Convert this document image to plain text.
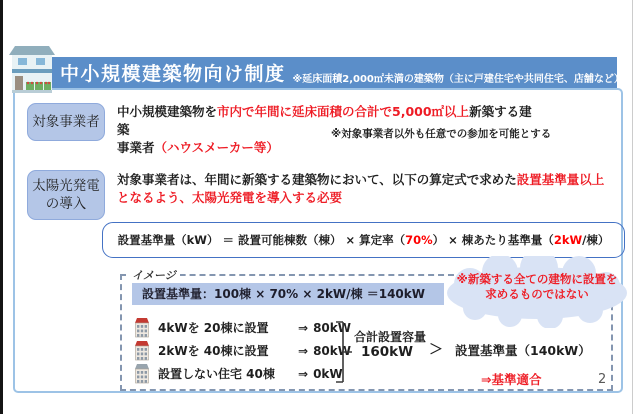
中小規模建築物向け制度 ※延床面積2,000㎡未満の建築物（主に戸建住宅や共同住宅、店舗など）
対象事業者
中小規模建築物を市内で年間に延床面積の合計で5,000㎡以上新築する建築
事業者（ハウスメーカー等）
※対象事業者以外も任意での参加を可能とする
太陽光発電
の導入
対象事業者は、年間に新築する建築物において、以下の算定式で求めた設置基準量以上となるよう、太陽光発電を導入する必要
設置基準量（kW） ＝ 設置可能棟数（棟） × 算定率（ 70% ） × 棟あたり基準量（ 2kW /棟）
イメージ
設置基準量：100棟 × 70% × 2kW/棟 ＝140kW
4kWを 20棟に設置	⇒ 80kW
2kWを 40棟に設置	⇒ 80kW
設置しない住宅 40棟	⇒ 0kW
※新築する全ての建物に設置を
求めるものではない
合計設置容量
160kW ＞ 設置基準量（140kW）
⇒基準適合	2
